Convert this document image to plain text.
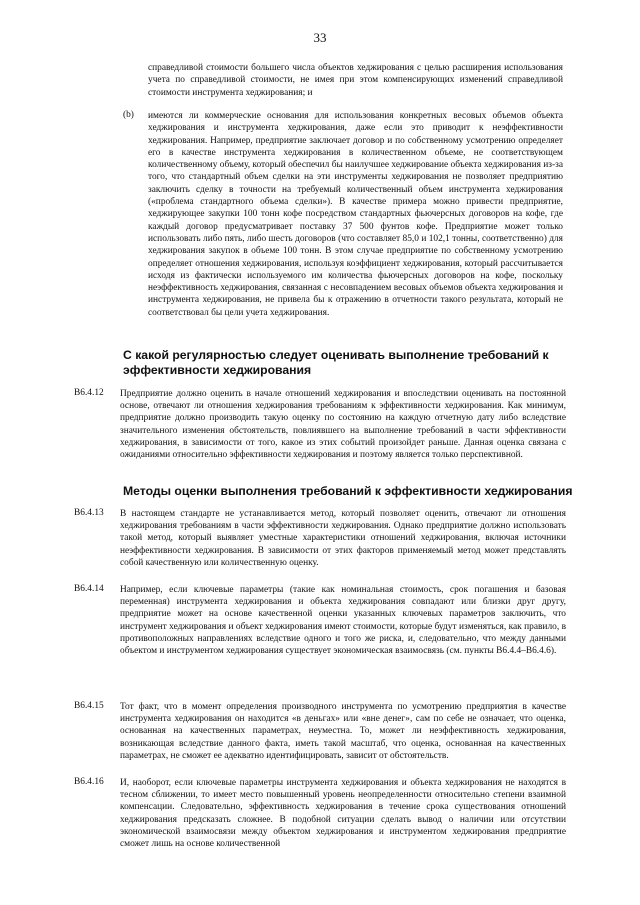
33
справедливой стоимости большего числа объектов хеджирования с целью расширения использования учета по справедливой стоимости, не имея при этом компенсирующих изменений справедливой стоимости инструмента хеджирования; и
(b) имеются ли коммерческие основания для использования конкретных весовых объемов объекта хеджирования и инструмента хеджирования, даже если это приводит к неэффективности хеджирования. Например, предприятие заключает договор и по собственному усмотрению определяет его в качестве инструмента хеджирования в количественном объеме, не соответствующем количественному объему, который обеспечил бы наилучшее хеджирование объекта хеджирования из-за того, что стандартный объем сделки на эти инструменты хеджирования не позволяет предприятию заключить сделку в точности на требуемый количественный объем инструмента хеджирования («проблема стандартного объема сделки»). В качестве примера можно привести предприятие, хеджирующее закупки 100 тонн кофе посредством стандартных фьючерсных договоров на кофе, где каждый договор предусматривает поставку 37 500 фунтов кофе. Предприятие может только использовать либо пять, либо шесть договоров (что составляет 85,0 и 102,1 тонны, соответственно) для хеджирования закупок в объеме 100 тонн. В этом случае предприятие по собственному усмотрению определяет отношения хеджирования, используя коэффициент хеджирования, который рассчитывается исходя из фактически используемого им количества фьючерсных договоров на кофе, поскольку неэффективность хеджирования, связанная с несовпадением весовых объемов объекта хеджирования и инструмента хеджирования, не привела бы к отражению в отчетности такого результата, который не соответствовал бы цели учета хеджирования.
С какой регулярностью следует оценивать выполнение требований к эффективности хеджирования
B6.4.12 Предприятие должно оценить в начале отношений хеджирования и впоследствии оценивать на постоянной основе, отвечают ли отношения хеджирования требованиям к эффективности хеджирования. Как минимум, предприятие должно производить такую оценку по состоянию на каждую отчетную дату либо вследствие значительного изменения обстоятельств, повлиявшего на выполнение требований в части эффективности хеджирования, в зависимости от того, какое из этих событий произойдет раньше. Данная оценка связана с ожиданиями относительно эффективности хеджирования и поэтому является только перспективной.
Методы оценки выполнения требований к эффективности хеджирования
B6.4.13 В настоящем стандарте не устанавливается метод, который позволяет оценить, отвечают ли отношения хеджирования требованиям в части эффективности хеджирования. Однако предприятие должно использовать такой метод, который выявляет уместные характеристики отношений хеджирования, включая источники неэффективности хеджирования. В зависимости от этих факторов применяемый метод может представлять собой качественную или количественную оценку.
B6.4.14 Например, если ключевые параметры (такие как номинальная стоимость, срок погашения и базовая переменная) инструмента хеджирования и объекта хеджирования совпадают или близки друг другу, предприятие может на основе качественной оценки указанных ключевых параметров заключить, что инструмент хеджирования и объект хеджирования имеют стоимости, которые будут изменяться, как правило, в противоположных направлениях вследствие одного и того же риска, и, следовательно, что между данными объектом и инструментом хеджирования существует экономическая взаимосвязь (см. пункты B6.4.4–B6.4.6).
B6.4.15 Тот факт, что в момент определения производного инструмента по усмотрению предприятия в качестве инструмента хеджирования он находится «в деньгах» или «вне денег», сам по себе не означает, что оценка, основанная на качественных параметрах, неуместна. То, может ли неэффективность хеджирования, возникающая вследствие данного факта, иметь такой масштаб, что оценка, основанная на качественных параметрах, не сможет ее адекватно идентифицировать, зависит от обстоятельств.
B6.4.16 И, наоборот, если ключевые параметры инструмента хеджирования и объекта хеджирования не находятся в тесном сближении, то имеет место повышенный уровень неопределенности относительно степени взаимной компенсации. Следовательно, эффективность хеджирования в течение срока существования отношений хеджирования предсказать сложнее. В подобной ситуации сделать вывод о наличии или отсутствии экономической взаимосвязи между объектом хеджирования и инструментом хеджирования предприятие сможет лишь на основе количественной
